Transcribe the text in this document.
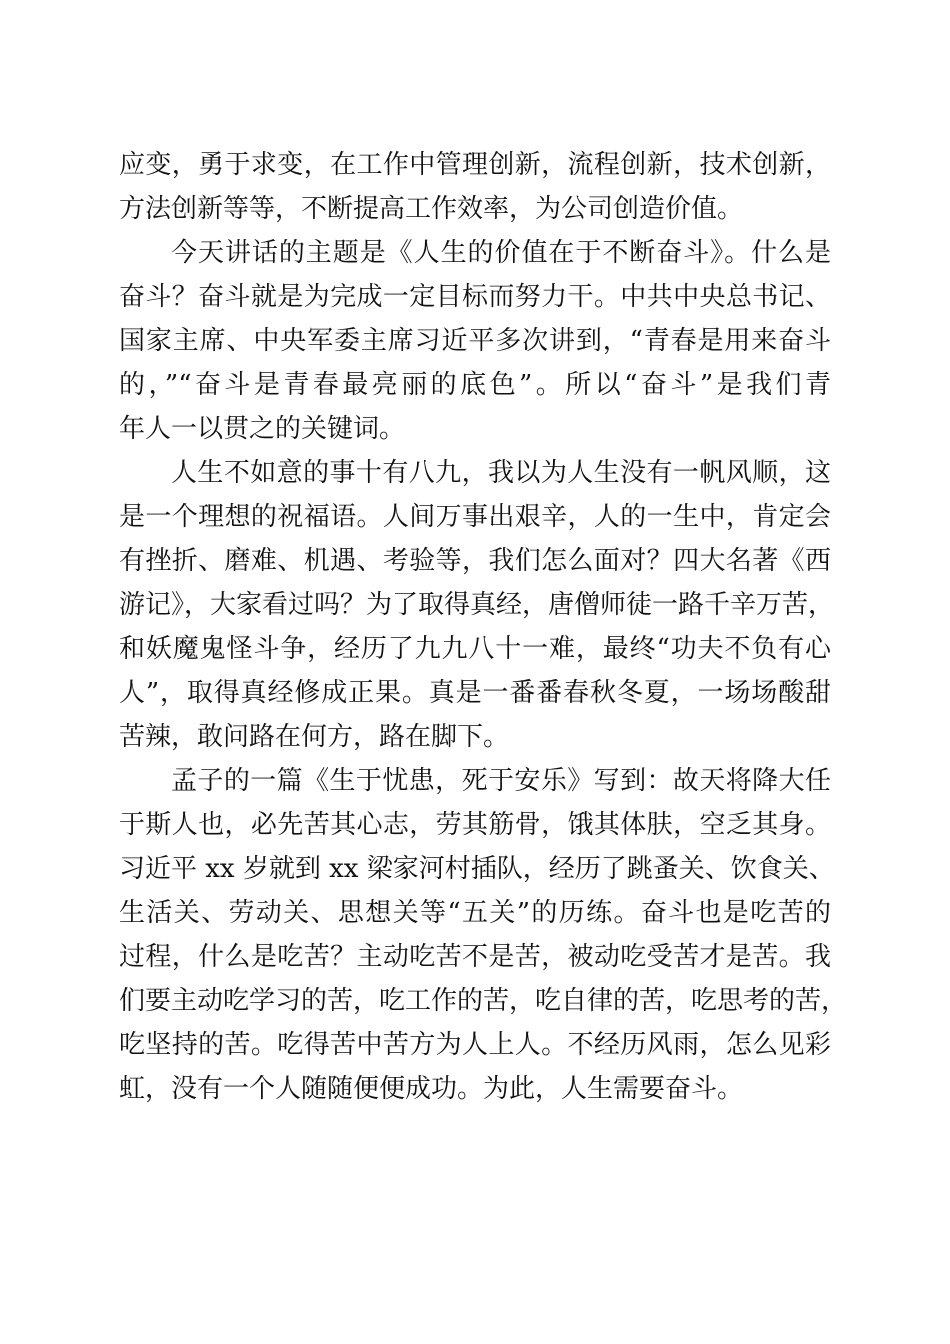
应变，勇于求变，在工作中管理创新，流程创新，技术创新，

方法创新等等，不断提高工作效率，为公司创造价值。

今天讲话的主题是《人生的价值在于不断奋斗》。什么是

奋斗？奋斗就是为完成一定目标而努力干。中共中央总书记、

国家主席、中央军委主席习近平多次讲到，“青春是用来奋斗

的，”“奋斗是青春最亮丽的底色”。所以“奋斗”是我们青

年人一以贯之的关键词。

人生不如意的事十有八九，我以为人生没有一帆风顺，这

是一个理想的祝福语。人间万事出艰辛，人的一生中，肯定会

有挫折、磨难、机遇、考验等，我们怎么面对？四大名著《西

游记》，大家看过吗？为了取得真经，唐僧师徒一路千辛万苦，

和妖魔鬼怪斗争，经历了九九八十一难，最终“功夫不负有心

人”，取得真经修成正果。真是一番番春秋冬夏，一场场酸甜

苦辣，敢问路在何方，路在脚下。

孟子的一篇《生于忧患，死于安乐》写到：故天将降大任

于斯人也，必先苦其心志，劳其筋骨，饿其体肤，空乏其身。

习近平 xx 岁就到 xx 梁家河村插队，经历了跳蚤关、饮食关、

生活关、劳动关、思想关等“五关”的历练。奋斗也是吃苦的

过程，什么是吃苦？主动吃苦不是苦，被动吃受苦才是苦。我

们要主动吃学习的苦，吃工作的苦，吃自律的苦，吃思考的苦，

吃坚持的苦。吃得苦中苦方为人上人。不经历风雨，怎么见彩

虹，没有一个人随随便便成功。为此，人生需要奋斗。
